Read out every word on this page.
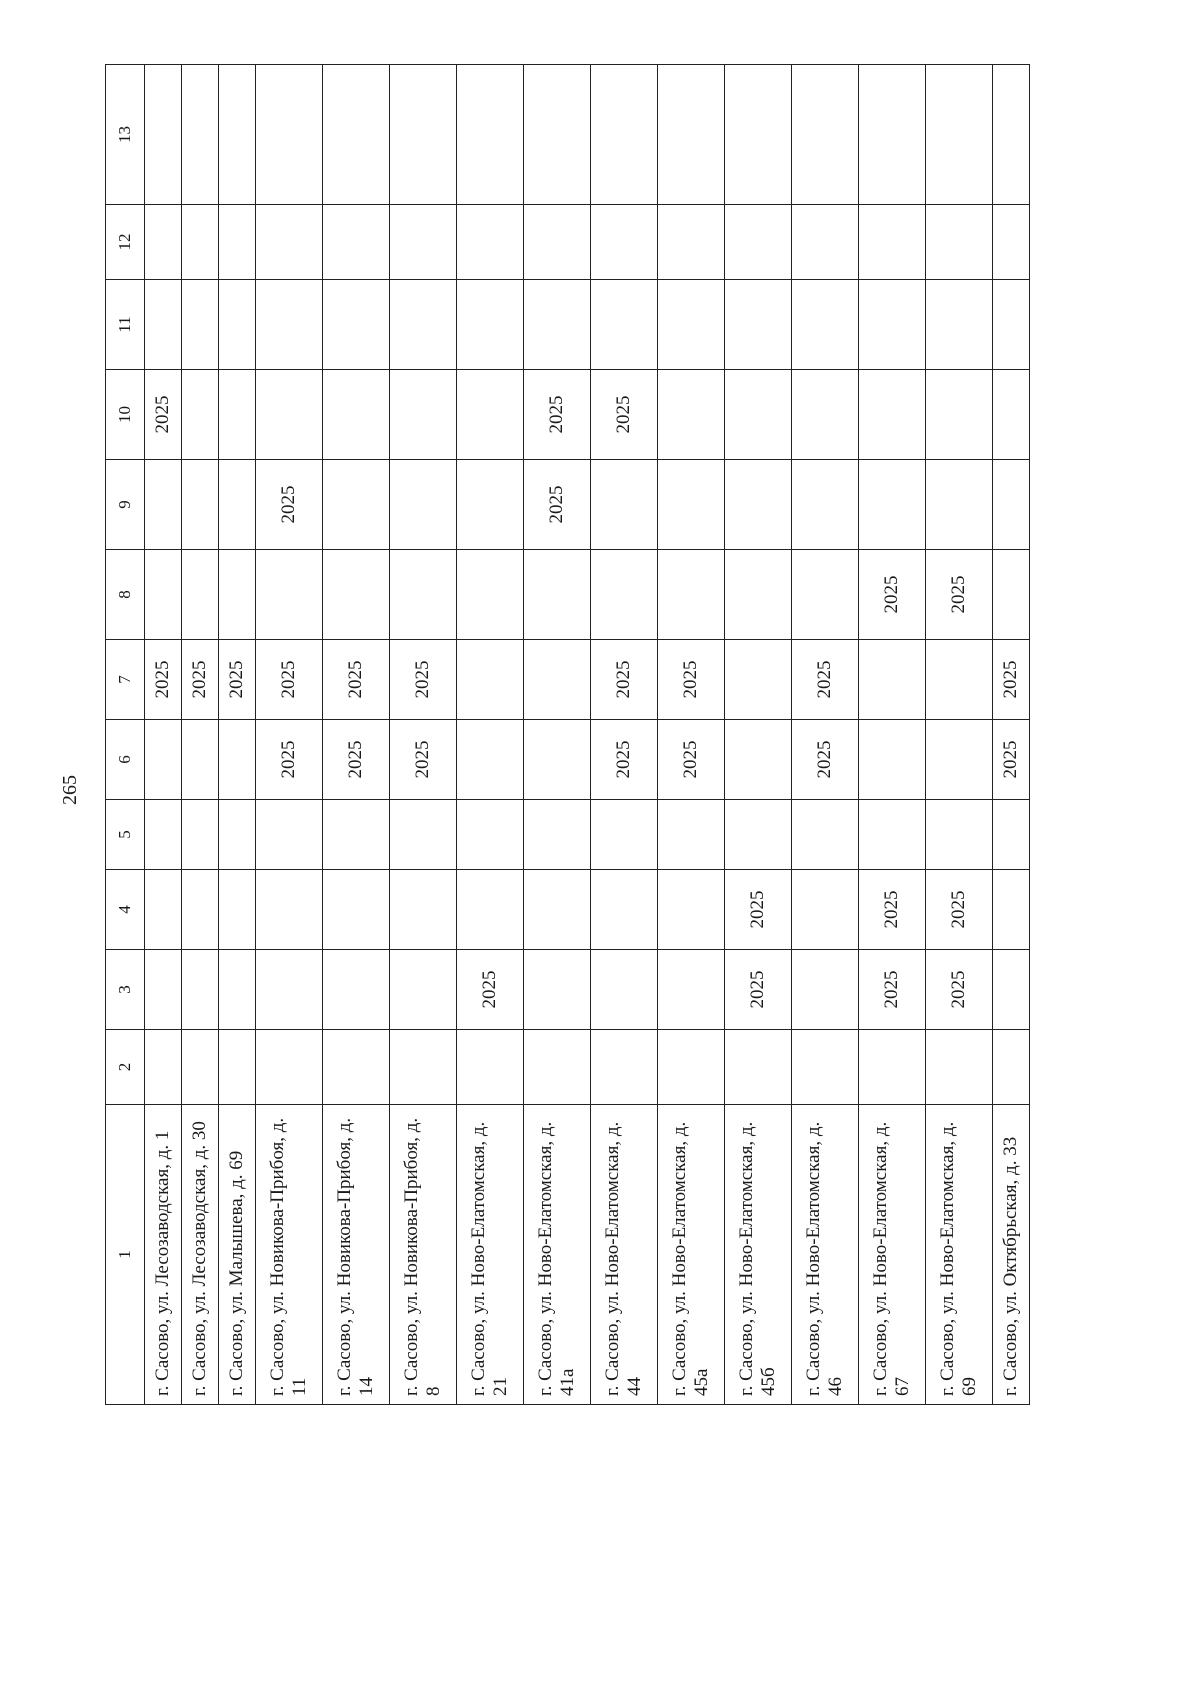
265
1	2	3	4	5	6	7	8	9	10	11	12	13
г. Сасово, ул. Лесозаводская, д. 1						2025			2025			
г. Сасово, ул. Лесозаводская, д. 30						2025						
г. Сасово, ул. Малышева, д. 69						2025						
г. Сасово, ул. Новикова-Прибоя, д. 11					2025	2025		2025				
г. Сасово, ул. Новикова-Прибоя, д. 14					2025	2025						
г. Сасово, ул. Новикова-Прибоя, д. 8					2025	2025						
г. Сасово, ул. Ново-Елатомская, д. 21		2025										
г. Сасово, ул. Ново-Елатомская, д. 41а								2025	2025			
г. Сасово, ул. Ново-Елатомская, д. 44					2025	2025			2025			
г. Сасово, ул. Ново-Елатомская, д. 45а					2025	2025						
г. Сасово, ул. Ново-Елатомская, д. 45б		2025	2025									
г. Сасово, ул. Ново-Елатомская, д. 46					2025	2025						
г. Сасово, ул. Ново-Елатомская, д. 67		2025	2025				2025					
г. Сасово, ул. Ново-Елатомская, д. 69		2025	2025				2025					
г. Сасово, ул. Октябрьская, д. 33					2025	2025						
